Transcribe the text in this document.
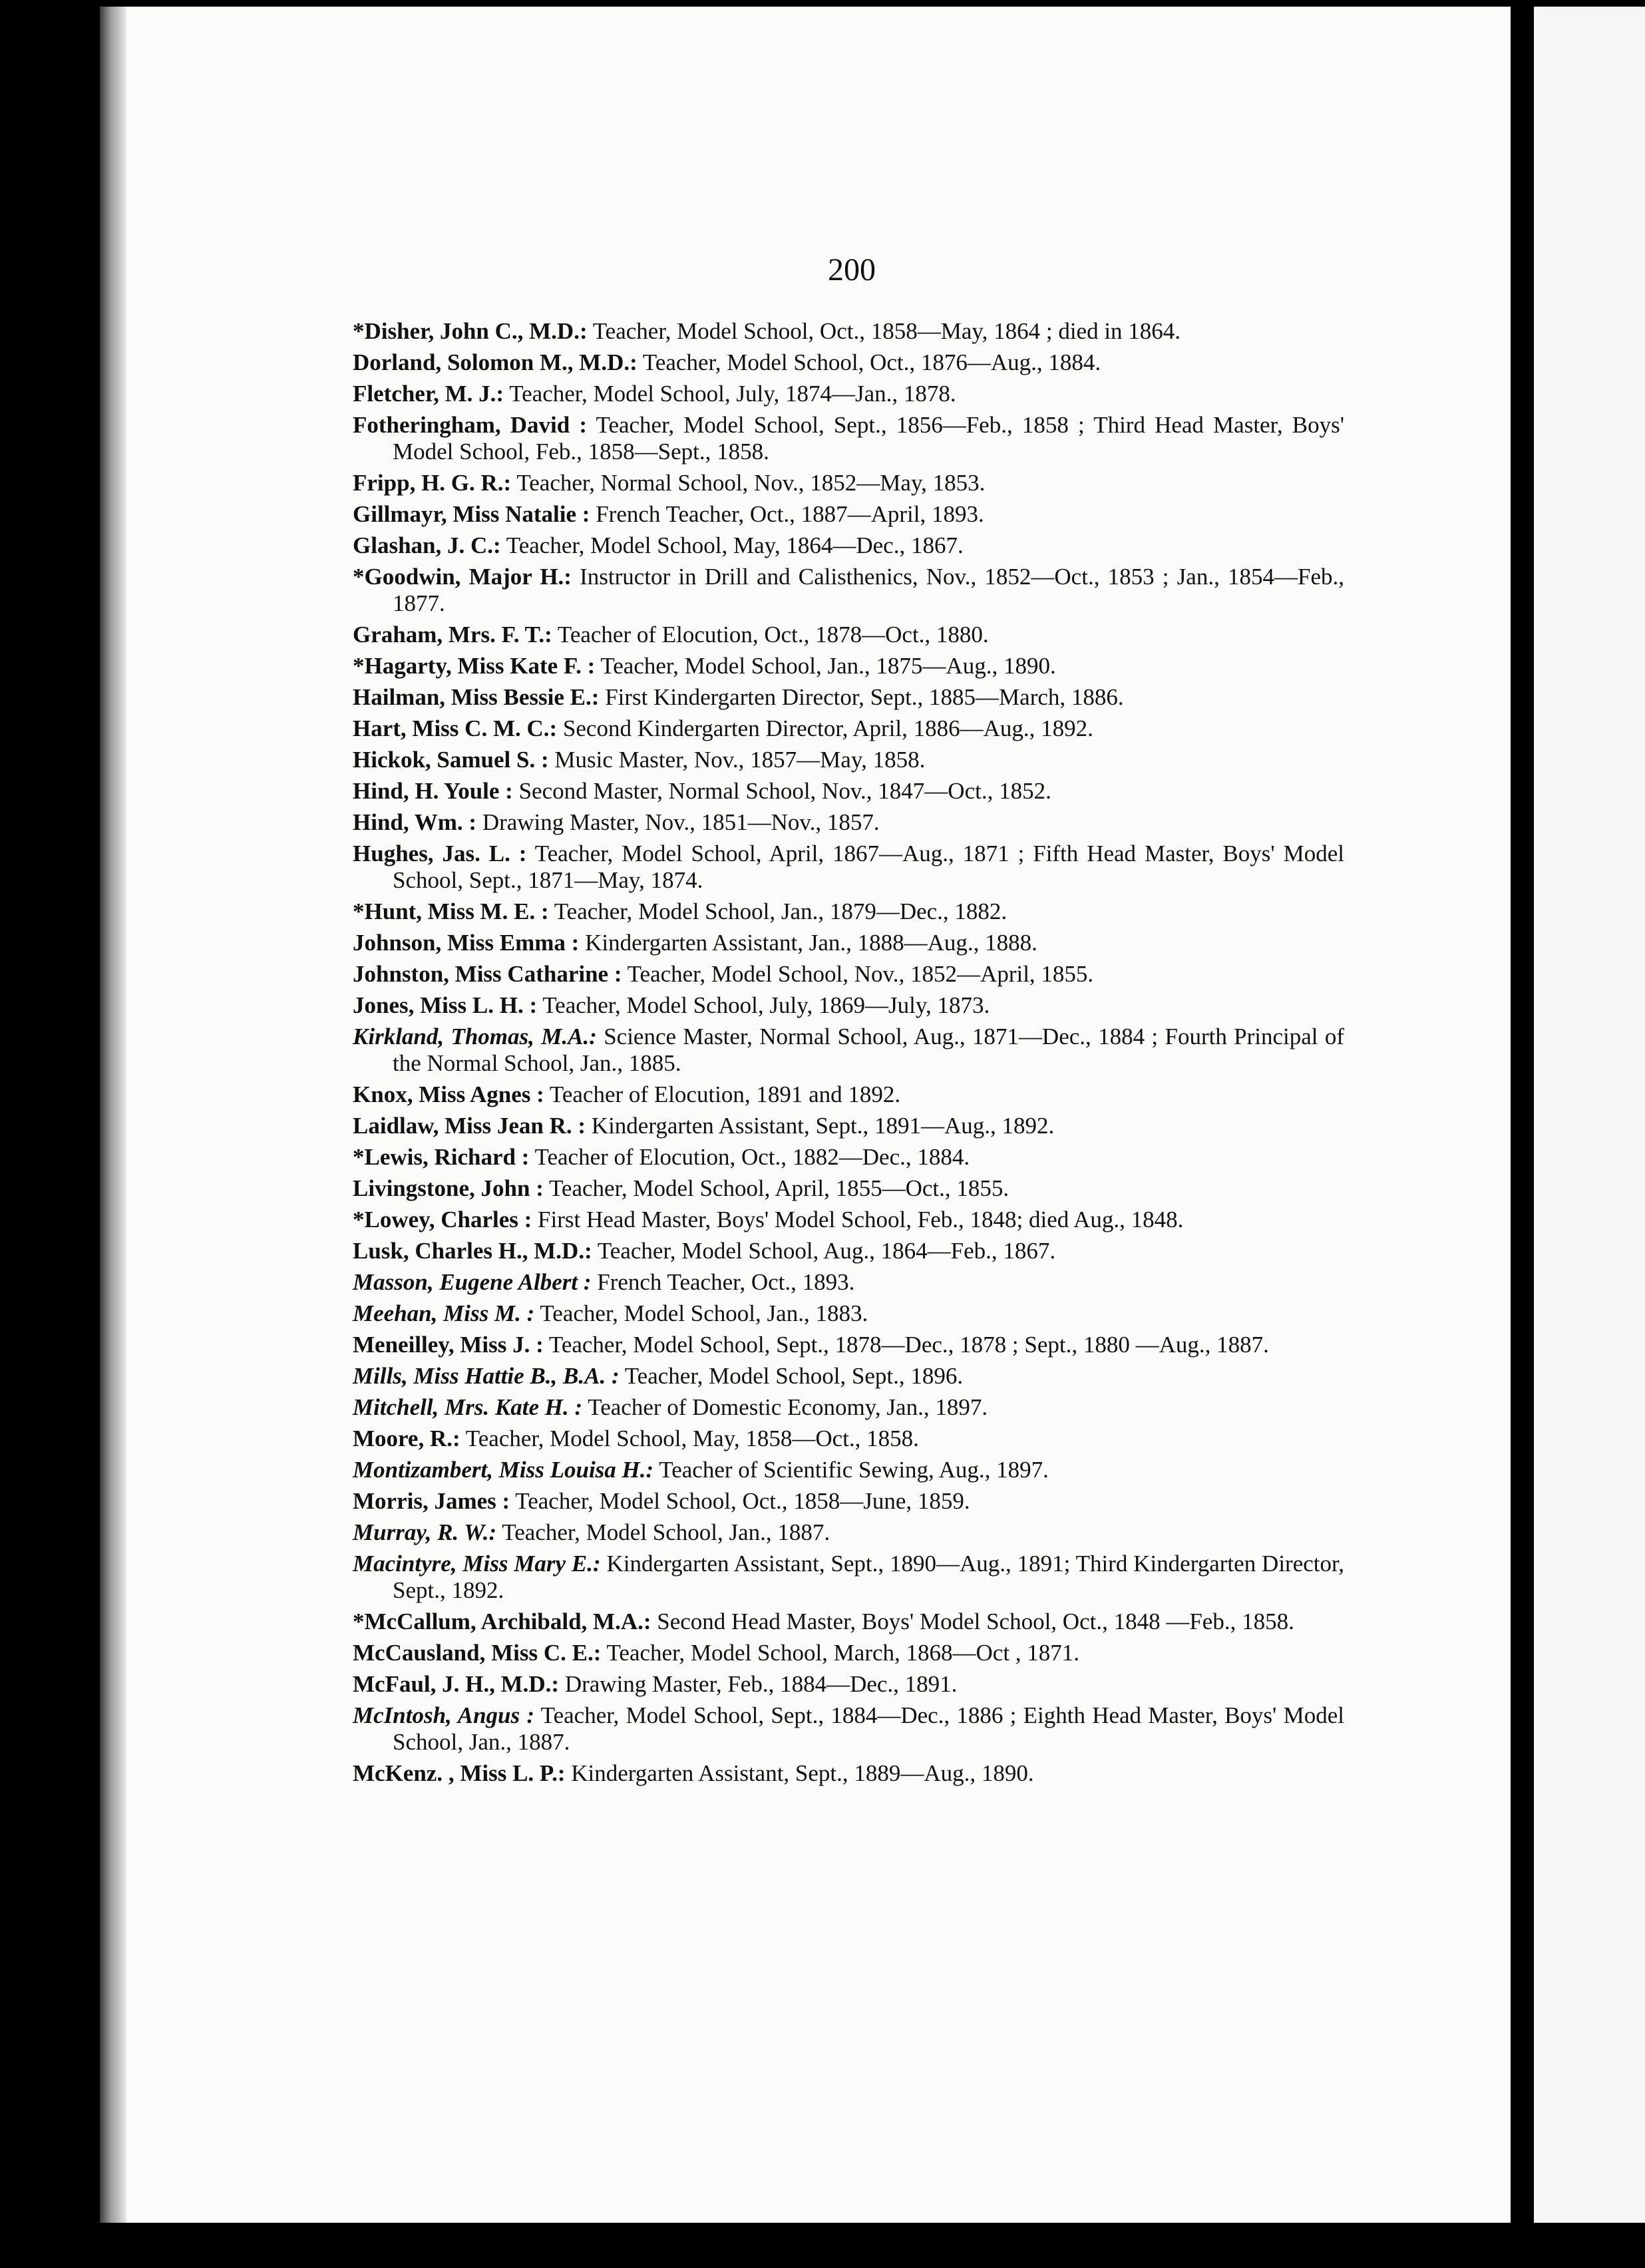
200

*Disher, John C., M.D.: Teacher, Model School, Oct., 1858—May, 1864 ; died in 1864.

Dorland, Solomon M., M.D.: Teacher, Model School, Oct., 1876—Aug., 1884.

Fletcher, M. J.: Teacher, Model School, July, 1874—Jan., 1878.

Fotheringham, David : Teacher, Model School, Sept., 1856—Feb., 1858 ; Third Head Master, Boys' Model School, Feb., 1858—Sept., 1858.

Fripp, H. G. R.: Teacher, Normal School, Nov., 1852—May, 1853.

Gillmayr, Miss Natalie : French Teacher, Oct., 1887—April, 1893.

Glashan, J. C.: Teacher, Model School, May, 1864—Dec., 1867.

*Goodwin, Major H.: Instructor in Drill and Calisthenics, Nov., 1852—Oct., 1853 ; Jan., 1854—Feb., 1877.

Graham, Mrs. F. T.: Teacher of Elocution, Oct., 1878—Oct., 1880.

*Hagarty, Miss Kate F. : Teacher, Model School, Jan., 1875—Aug., 1890.

Hailman, Miss Bessie E.: First Kindergarten Director, Sept., 1885—March, 1886.

Hart, Miss C. M. C.: Second Kindergarten Director, April, 1886—Aug., 1892.

Hickok, Samuel S. : Music Master, Nov., 1857—May, 1858.

Hind, H. Youle : Second Master, Normal School, Nov., 1847—Oct., 1852.

Hind, Wm. : Drawing Master, Nov., 1851—Nov., 1857.

Hughes, Jas. L. : Teacher, Model School, April, 1867—Aug., 1871 ; Fifth Head Master, Boys' Model School, Sept., 1871—May, 1874.

*Hunt, Miss M. E. : Teacher, Model School, Jan., 1879—Dec., 1882.

Johnson, Miss Emma : Kindergarten Assistant, Jan., 1888—Aug., 1888.

Johnston, Miss Catharine : Teacher, Model School, Nov., 1852—April, 1855.

Jones, Miss L. H. : Teacher, Model School, July, 1869—July, 1873.

Kirkland, Thomas, M.A.: Science Master, Normal School, Aug., 1871—Dec., 1884 ; Fourth Principal of the Normal School, Jan., 1885.

Knox, Miss Agnes : Teacher of Elocution, 1891 and 1892.

Laidlaw, Miss Jean R. : Kindergarten Assistant, Sept., 1891—Aug., 1892.

*Lewis, Richard : Teacher of Elocution, Oct., 1882—Dec., 1884.

Livingstone, John : Teacher, Model School, April, 1855—Oct., 1855.

*Lowey, Charles : First Head Master, Boys' Model School, Feb., 1848; died Aug., 1848.

Lusk, Charles H., M.D.: Teacher, Model School, Aug., 1864—Feb., 1867.

Masson, Eugene Albert : French Teacher, Oct., 1893.

Meehan, Miss M. : Teacher, Model School, Jan., 1883.

Meneilley, Miss J. : Teacher, Model School, Sept., 1878—Dec., 1878 ; Sept., 1880 —Aug., 1887.

Mills, Miss Hattie B., B.A. : Teacher, Model School, Sept., 1896.

Mitchell, Mrs. Kate H. : Teacher of Domestic Economy, Jan., 1897.

Moore, R.: Teacher, Model School, May, 1858—Oct., 1858.

Montizambert, Miss Louisa H.: Teacher of Scientific Sewing, Aug., 1897.

Morris, James : Teacher, Model School, Oct., 1858—June, 1859.

Murray, R. W.: Teacher, Model School, Jan., 1887.

Macintyre, Miss Mary E.: Kindergarten Assistant, Sept., 1890—Aug., 1891; Third Kindergarten Director, Sept., 1892.

*McCallum, Archibald, M.A.: Second Head Master, Boys' Model School, Oct., 1848 —Feb., 1858.

McCausland, Miss C. E.: Teacher, Model School, March, 1868—Oct , 1871.

McFaul, J. H., M.D.: Drawing Master, Feb., 1884—Dec., 1891.

McIntosh, Angus : Teacher, Model School, Sept., 1884—Dec., 1886 ; Eighth Head Master, Boys' Model School, Jan., 1887.

McKenz. , Miss L. P.: Kindergarten Assistant, Sept., 1889—Aug., 1890.
